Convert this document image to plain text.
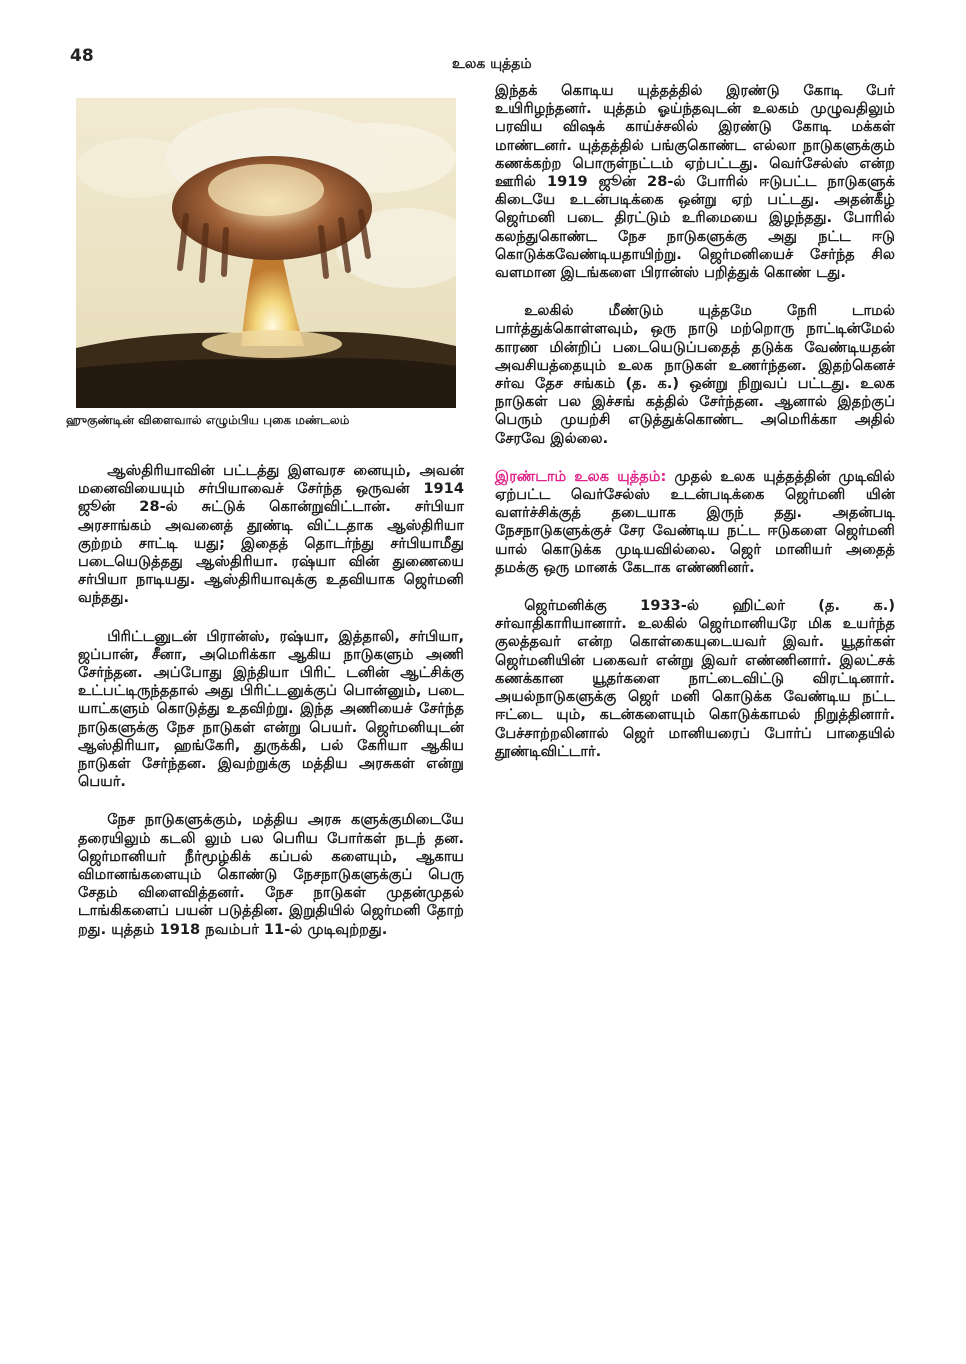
48	உலக யுத்தம்
ஹுகுண்டின் விளைவால் எழும்பிய புகை மண்டலம்

ஆஸ்திரியாவின் பட்டத்து இளவரச னையும், அவன் மனைவியையும் சர்பியாவைச் சேர்ந்த ஒருவன் 1914 ஜூன் 28-ல் சுட்டுக் கொன்றுவிட்டான். சர்பியா அரசாங்கம் அவனைத் தூண்டி விட்டதாக ஆஸ்திரியா குற்றம் சாட்டி யது; இதைத் தொடர்ந்து சர்பியாமீது படையெடுத்தது ஆஸ்திரியா. ரஷ்யா வின் துணையை சர்பியா நாடியது. ஆஸ்திரியாவுக்கு உதவியாக ஜெர்மனி வந்தது.

பிரிட்டனுடன் பிரான்ஸ், ரஷ்யா, இத்தாலி, சர்பியா, ஜப்பான், சீனா, அமெரிக்கா ஆகிய நாடுகளும் அணி சேர்ந்தன. அப்போது இந்தியா பிரிட் டனின் ஆட்சிக்கு உட்பட்டிருந்ததால் அது பிரிட்டனுக்குப் பொன்னும், படை யாட்களும் கொடுத்து உதவிற்று. இந்த அணியைச் சேர்ந்த நாடுகளுக்கு நேச நாடுகள் என்று பெயர். ஜெர்மனியுடன் ஆஸ்திரியா, ஹங்கேரி, துருக்கி, பல் கேரியா ஆகிய நாடுகள் சேர்ந்தன. இவற்றுக்கு மத்திய அரசுகள் என்று பெயர்.

நேச நாடுகளுக்கும், மத்திய அரசு களுக்குமிடையே தரையிலும் கடலி லும் பல பெரிய போர்கள் நடந் தன. ஜெர்மானியர் நீர்மூழ்கிக் கப்பல் களையும், ஆகாய விமானங்களையும் கொண்டு நேசநாடுகளுக்குப் பெரு சேதம் விளைவித்தனர். நேச நாடுகள் முதன்முதல் டாங்கிகளைப் பயன் படுத்தின. இறுதியில் ஜெர்மனி தோற் றது. யுத்தம் 1918 நவம்பர் 11-ல் முடிவுற்றது.

இந்தக் கொடிய யுத்தத்தில் இரண்டு கோடி பேர் உயிரிழந்தனர். யுத்தம் ஓய்ந்தவுடன் உலகம் முழுவதிலும் பரவிய விஷக் காய்ச்சலில் இரண்டு கோடி மக்கள் மாண்டனர். யுத்தத்தில் பங்குகொண்ட எல்லா நாடுகளுக்கும் கணக்கற்ற பொருள்நட்டம் ஏற்பட்டது. வெர்சேல்ஸ் என்ற ஊரில் 1919 ஜூன் 28-ல் போரில் ஈடுபட்ட நாடுகளுக் கிடையே உடன்படிக்கை ஒன்று ஏற் பட்டது. அதன்கீழ் ஜெர்மனி படை திரட்டும் உரிமையை இழந்தது. போரில் கலந்துகொண்ட நேச நாடுகளுக்கு அது நட்ட ஈடு கொடுக்கவேண்டியதாயிற்று. ஜெர்மனியைச் சேர்ந்த சில வளமான இடங்களை பிரான்ஸ் பறித்துக் கொண் டது.

உலகில் மீண்டும் யுத்தமே நேரி டாமல் பார்த்துக்கொள்ளவும், ஒரு நாடு மற்றொரு நாட்டின்மேல் காரண மின்றிப் படையெடுப்பதைத் தடுக்க வேண்டியதன் அவசியத்தையும் உலக நாடுகள் உணர்ந்தன. இதற்கெனச் சர்வ தேச சங்கம் (த. க.) ஒன்று நிறுவப் பட்டது. உலக நாடுகள் பல இச்சங் கத்தில் சேர்ந்தன. ஆனால் இதற்குப் பெரும் முயற்சி எடுத்துக்கொண்ட அமெரிக்கா அதில் சேரவே இல்லை.

இரண்டாம் உலக யுத்தம்: முதல் உலக யுத்தத்தின் முடிவில் ஏற்பட்ட வெர்சேல்ஸ் உடன்படிக்கை ஜெர்மனி யின் வளர்ச்சிக்குத் தடையாக இருந் தது. அதன்படி நேசநாடுகளுக்குச் சேர வேண்டிய நட்ட ஈடுகளை ஜெர்மனி யால் கொடுக்க முடியவில்லை. ஜெர் மானியர் அதைத் தமக்கு ஒரு மானக் கேடாக எண்ணினர்.

ஜெர்மனிக்கு 1933-ல் ஹிட்லர் (த. க.) சர்வாதிகாரியானார். உலகில் ஜெர்மானியரே மிக உயர்ந்த குலத்தவர் என்ற கொள்கையுடையவர் இவர். யூதர்கள் ஜெர்மனியின் பகைவர் என்று இவர் எண்ணினார். இலட்சக் கணக்கான யூதர்களை நாட்டைவிட்டு விரட்டினார். அயல்நாடுகளுக்கு ஜெர் மனி கொடுக்க வேண்டிய நட்ட ஈட்டை யும், கடன்களையும் கொடுக்காமல் நிறுத்தினார். பேச்சாற்றலினால் ஜெர் மானியரைப் போர்ப் பாதையில் தூண்டிவிட்டார்.
